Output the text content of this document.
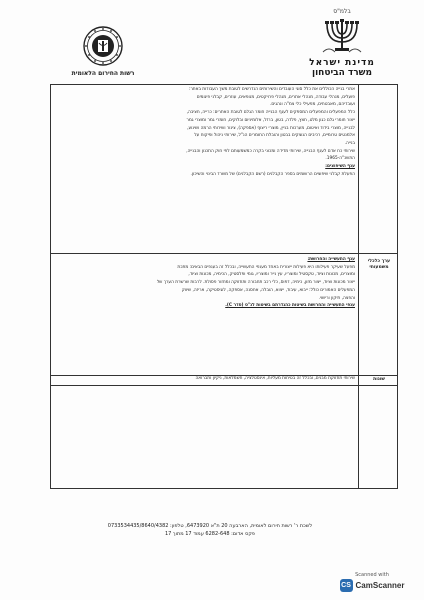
בלמ"ס
מדינת ישראל
משרד הביטחון
רשות החירום הלאומית

אתרי בנייה הכוללים את כלל סוגי העובדים והשירותים הנדרשים לטובת משך העבודות באתר:

פועלים, מנהלי עבודה, מנהלי אתרים, מנהלי פרויקטים, מנופאים, עוזרים, קבלני פיגומים

ועובדיהם, מאבטחים, מפעילי כלי צמ"ה ונהגים.

כלל המפעלים והמפעלים המספקים לענף הבנייה חומר הגלם לטובת האתרים: כרייה, חציבה,

ייצור חומרי גלם כגון מלט, חצץ, פלדה, בטון, ברזל, אלומיניום ובלוקים, חומרי גמר ומוצרי גמר

לבנייה, מוצרי בידוד ואיטום, מערכות בניין, מוצרי ריצוף (אספקה), צינור ושירותי הרמה ושינוע,

אלמנטים טרומיים, רכיבים הנוצקים בבטון והובלת החומרים הנ"ל, שירותי ניהול ופיקוח על

בנייה.

שירותי כח אדם לענף הבנייה, שירותי מדידה ומכוני בקרה כמשמעותם לפי חוק התכנון והבנייה,

התשכ"ה-1965.

ענף השיפוצים:

הפעלת קבלני שיפוצים הרשומים בספר הקבלנים (רשם הקבלנים) של משרד הבינוי והשיכון.

ענף התעשייה והחרושת:

מפעל שעיקר פעילותו היא פעילות ייצורית באחד מענפי התעשייה, ובכלל זה בענפים הבאים: מתכת

ומוצרים, מכונות וציוד, טקסטיל ומוצריו, עץ נייר ומוצריו, גומי ופלסטיק, הכימיה, מכונות וציוד,

ייצור מכונות וציוד, ייצור מזון, כימיה, דפוס, כלי רכב תחבורה ותחזוקה ומחזור פסולת. לרבות שרשרת הערך של

המפעלים האמורים כולל: ייבוא, עיבוד, ייצוא, הובלה, אחסנה, אספקה, לוגיסטיקה, אריזה, שיווק

והפצה, תיקון ורישוי.

ענפי התעשייה והחרושת בשיטות כהגדרתם בשיטות לנ"ס (סדר C).

ערך כלכלי משמעותי
שירותי תחזוקת מבנים, ובכלל זה בטיחות מעליות, אינסטלציה, חשמלאות, ניקיון ותברואה	שונות
לשכת ר' רשות חירום לאומית, הארבעה 20 ת"א 6473920, טלפון: 0733534435/8640/4382
פקס אדום: 6282-648 עמוד 17 מתוך 17
Scanned with
CS CamScanner
